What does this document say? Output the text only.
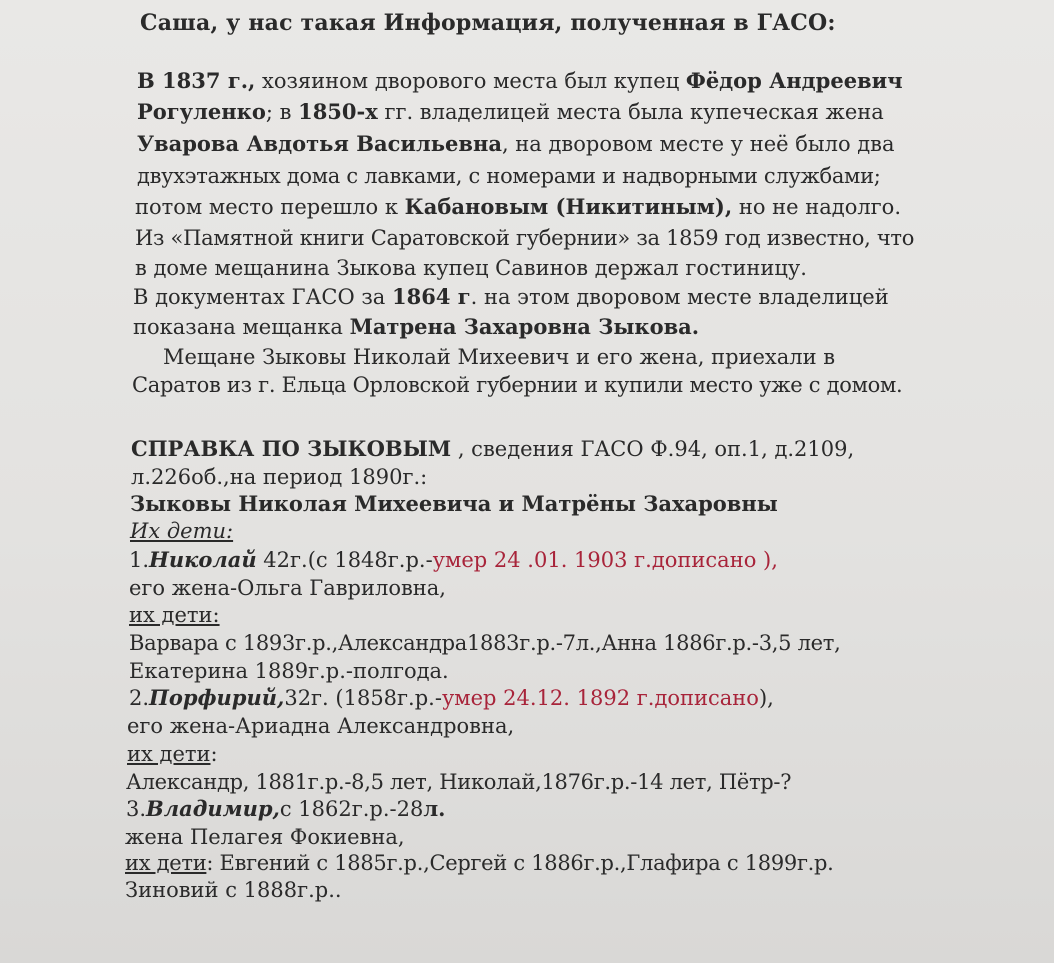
Саша, у нас такая Информация, полученная в ГАСО:
В 1837 г., хозяином дворового места был купец Фёдор Андреевич
Рогуленко; в 1850-х гг. владелицей места была купеческая жена
Уварова Авдотья Васильевна, на дворовом месте у неё было два
двухэтажных дома с лавками, с номерами и надворными службами;
потом место перешло к Кабановым (Никитиным), но не надолго.
Из «Памятной книги Саратовской губернии» за 1859 год известно, что
в доме мещанина Зыкова купец Савинов держал гостиницу.
В документах ГАСО за 1864 г. на этом дворовом месте владелицей
показана мещанка Матрена Захаровна Зыкова.
Мещане Зыковы Николай Михеевич и его жена, приехали в
Саратов из г. Ельца Орловской губернии и купили место уже с домом.
СПРАВКА ПО ЗЫКОВЫМ , сведения ГАСО Ф.94, оп.1, д.2109,
л.226об.,на период 1890г.:
Зыковы Николая Михеевича и Матрёны Захаровны
Их дети:
1.Николай 42г.(с 1848г.р.-умер 24 .01. 1903 г.дописано ),
его жена-Ольга Гавриловна,
их дети:
Варвара с 1893г.р.,Александра1883г.р.-7л.,Анна 1886г.р.-3,5 лет,
Екатерина 1889г.р.-полгода.
2.Порфирий,32г. (1858г.р.-умер 24.12. 1892 г.дописано),
его жена-Ариадна Александровна,
их дети:
Александр, 1881г.р.-8,5 лет, Николай,1876г.р.-14 лет, Пётр-?
3.Владимир,с 1862г.р.-28л.
жена Пелагея Фокиевна,
их дети: Евгений с 1885г.р.,Сергей с 1886г.р.,Глафира с 1899г.р.
Зиновий с 1888г.р..
